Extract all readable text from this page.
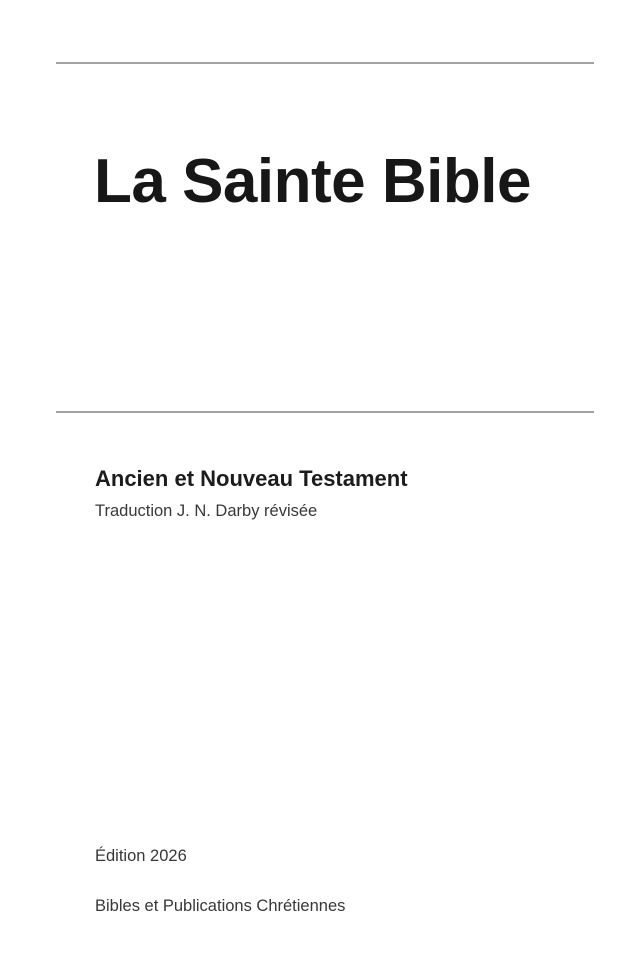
La Sainte Bible
Ancien et Nouveau Testament
Traduction J. N. Darby révisée
Édition 2026
Bibles et Publications Chrétiennes
